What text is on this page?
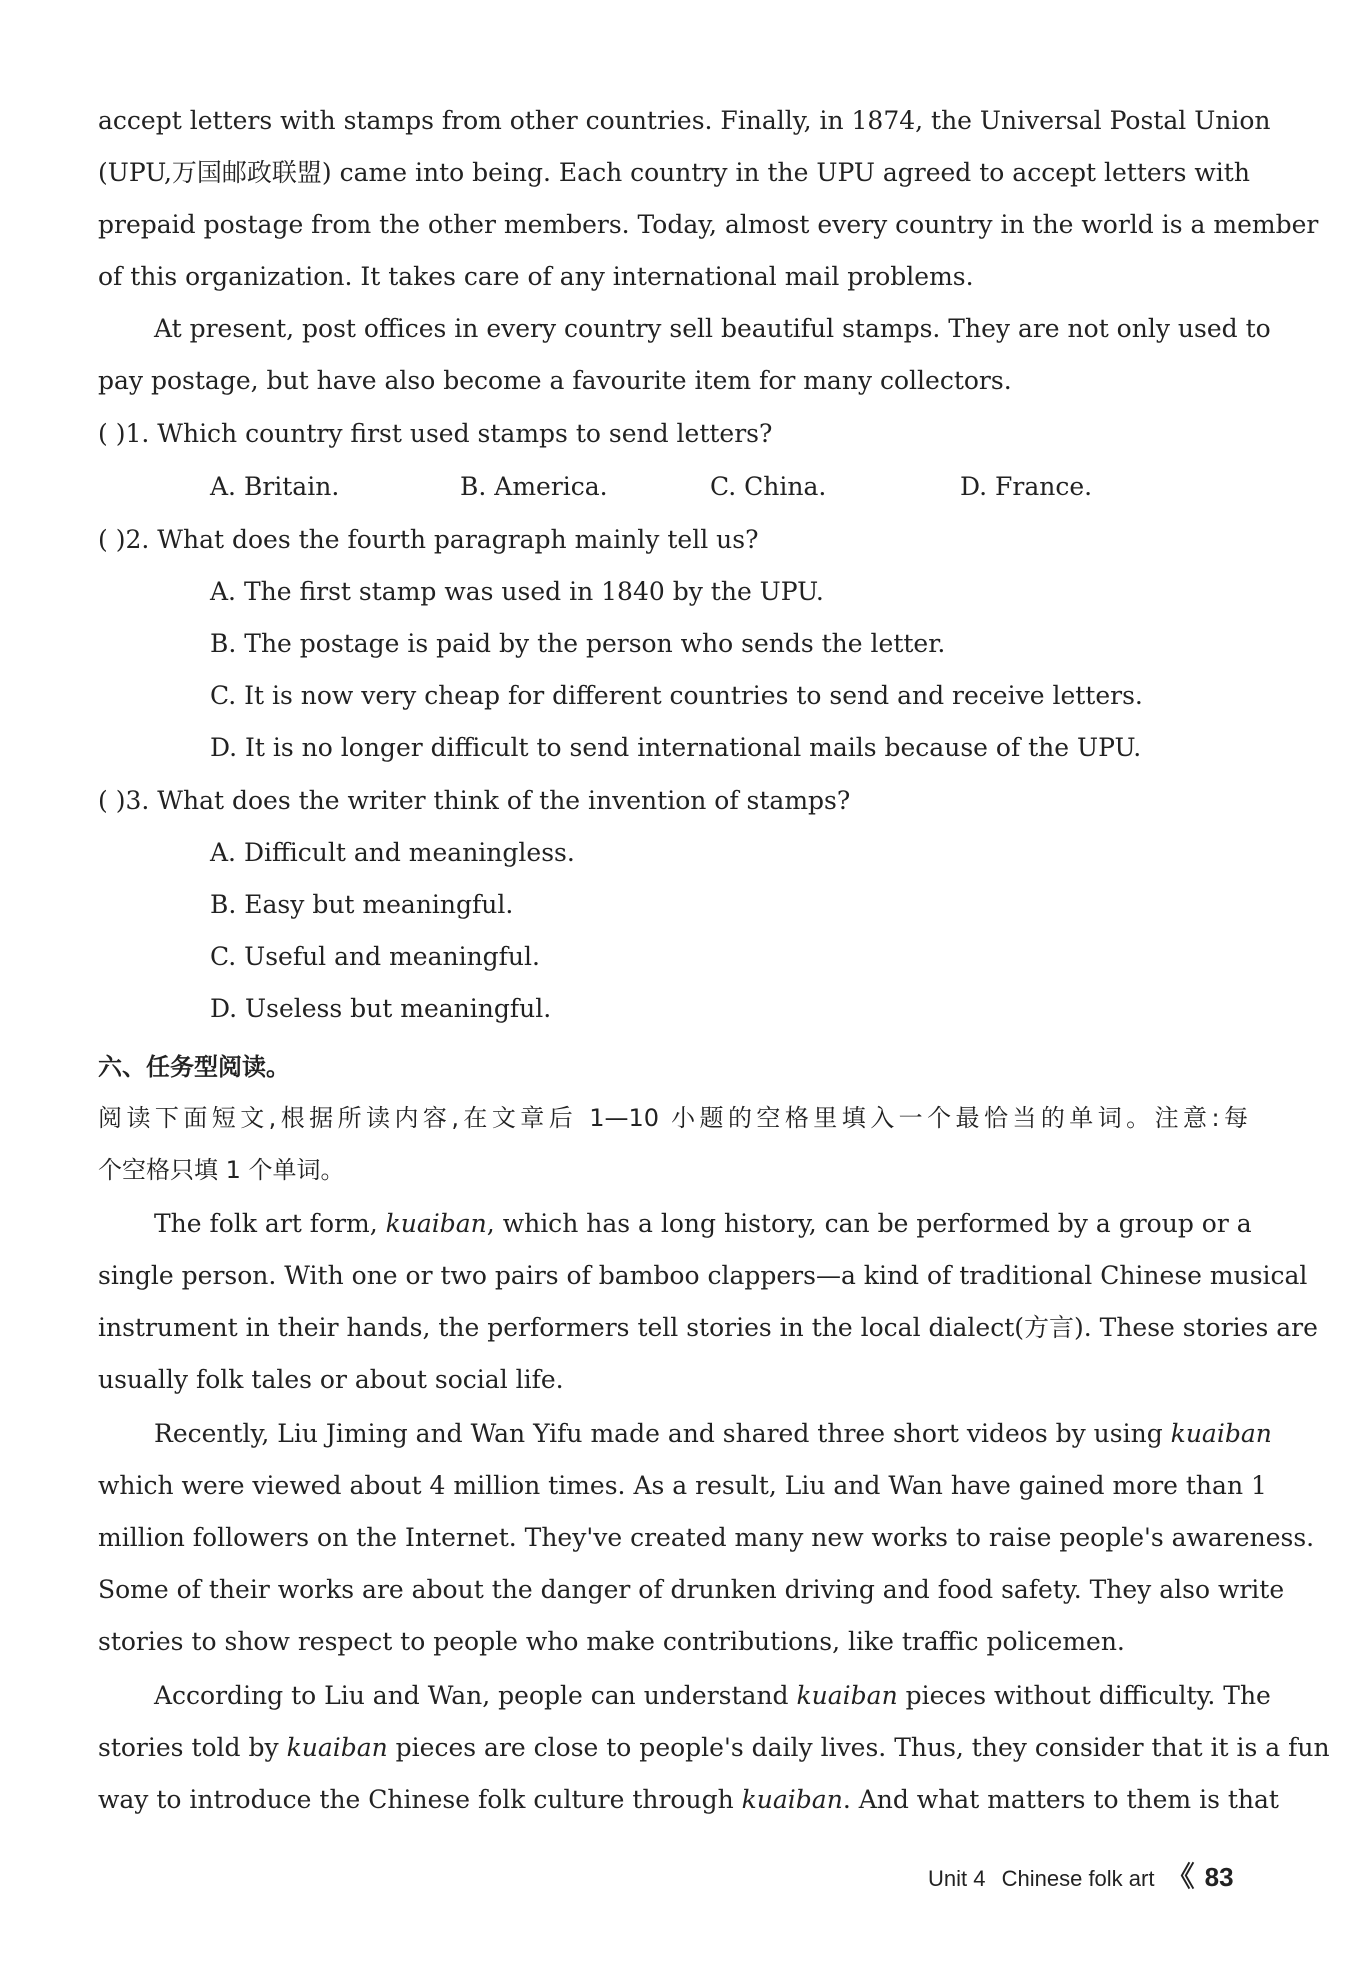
accept letters with stamps from other countries. Finally, in 1874, the Universal Postal Union
(UPU,万国邮政联盟) came into being. Each country in the UPU agreed to accept letters with
prepaid postage from the other members. Today, almost every country in the world is a member
of this organization. It takes care of any international mail problems.
At present, post offices in every country sell beautiful stamps. They are not only used to
pay postage, but have also become a favourite item for many collectors.
( )1. Which country first used stamps to send letters?
A. Britain.	B. America.	C. China.	D. France.
( )2. What does the fourth paragraph mainly tell us?
A. The first stamp was used in 1840 by the UPU.
B. The postage is paid by the person who sends the letter.
C. It is now very cheap for different countries to send and receive letters.
D. It is no longer difficult to send international mails because of the UPU.
( )3. What does the writer think of the invention of stamps?
A. Difficult and meaningless.
B. Easy but meaningful.
C. Useful and meaningful.
D. Useless but meaningful.
六、任务型阅读。
阅读下面短文,根据所读内容,在文章后 1—10 小题的空格里填入一个最恰当的单词。注意:每
个空格只填 1 个单词。
The folk art form, kuaiban, which has a long history, can be performed by a group or a
single person. With one or two pairs of bamboo clappers—a kind of traditional Chinese musical
instrument in their hands, the performers tell stories in the local dialect(方言). These stories are
usually folk tales or about social life.
Recently, Liu Jiming and Wan Yifu made and shared three short videos by using kuaiban
which were viewed about 4 million times. As a result, Liu and Wan have gained more than 1
million followers on the Internet. They've created many new works to raise people's awareness.
Some of their works are about the danger of drunken driving and food safety. They also write
stories to show respect to people who make contributions, like traffic policemen.
According to Liu and Wan, people can understand kuaiban pieces without difficulty. The
stories told by kuaiban pieces are close to people's daily lives. Thus, they consider that it is a fun
way to introduce the Chinese folk culture through kuaiban. And what matters to them is that
Unit 4 Chinese folk art 《 83
